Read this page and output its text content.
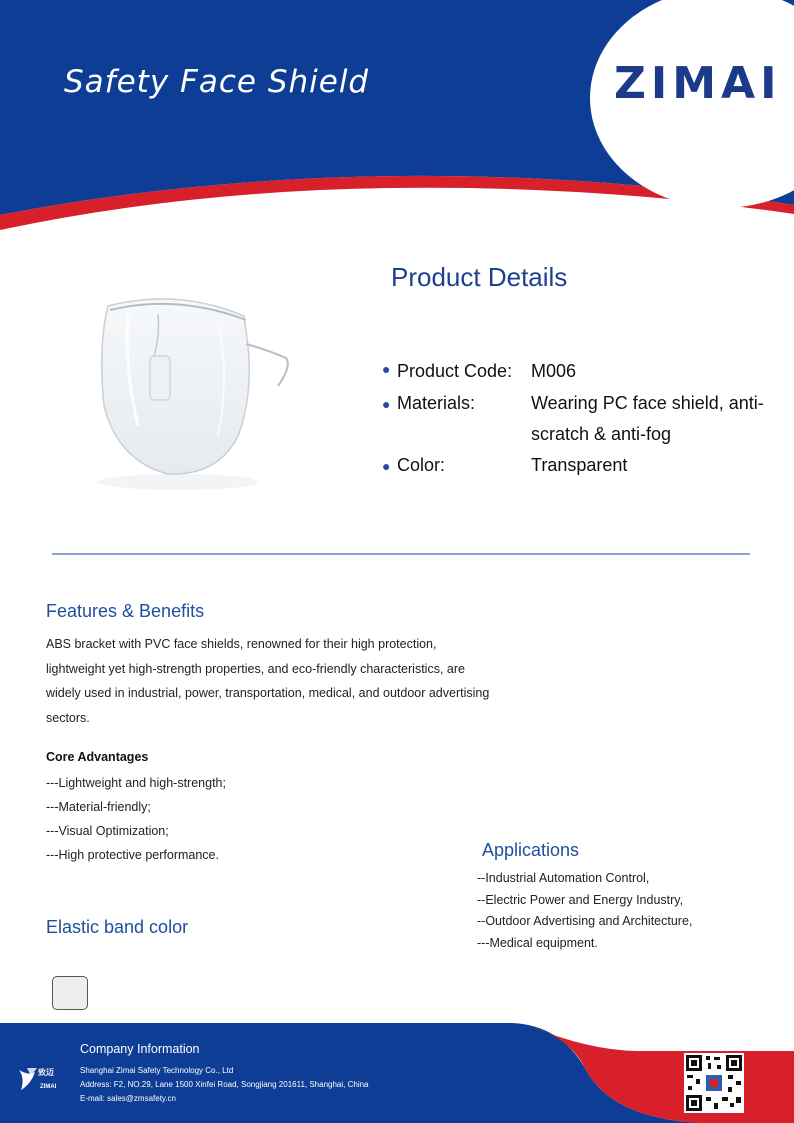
Safety Face Shield	ZIMAI
Product Details
● Product Code: M006
● Materials:	Wearing PC face shield, anti-scratch & anti-fog
● Color:	Transparent
Features & Benefits
ABS bracket with PVC face shields, renowned for their high protection, lightweight yet high-strength properties, and eco-friendly characteristics, are widely used in industrial, power, transportation, medical, and outdoor advertising sectors.
Core Advantages
---Lightweight and high-strength;
---Material-friendly;
---Visual Optimization;
---High protective performance.	Applications
--Industrial Automation Control,
--Electric Power and Energy Industry,
--Outdoor Advertising and Architecture,
---Medical equipment.
Elastic band color
Company Information
Shanghai Zimai Safety Technology Co., Ltd
Address: F2, NO.29, Lane 1500 Xinfei Road, Songjiang 201611, Shanghai, China
E-mail: sales@zmsafety.cn
致迈
ZIMAI
